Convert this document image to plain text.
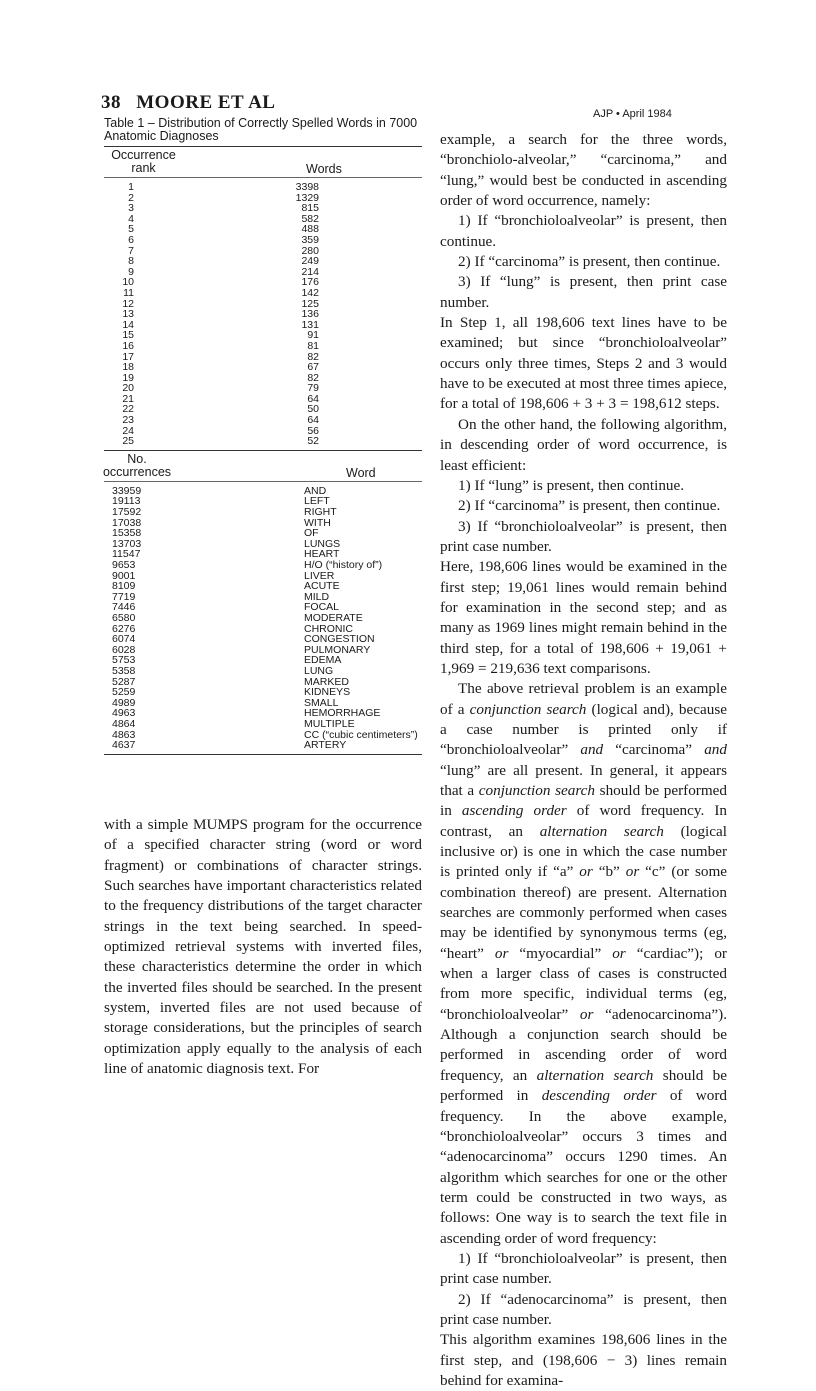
38 MOORE ET AL
AJP • April 1984
Table 1 – Distribution of Correctly Spelled Words in 7000 Anatomic Diagnoses
Occurrence rank	Words
1	3398
2	1329
3	815
4	582
5	488
6	359
7	280
8	249
9	214
10	176
11	142
12	125
13	136
14	131
15	91
16	81
17	82
18	67
19	82
20	79
21	64
22	50
23	64
24	56
25	52
No. occurrences	Word
33959	AND
19113	LEFT
17592	RIGHT
17038	WITH
15358	OF
13703	LUNGS
11547	HEART
9653	H/O (“history of”)
9001	LIVER
8109	ACUTE
7719	MILD
7446	FOCAL
6580	MODERATE
6276	CHRONIC
6074	CONGESTION
6028	PULMONARY
5753	EDEMA
5358	LUNG
5287	MARKED
5259	KIDNEYS
4989	SMALL
4963	HEMORRHAGE
4864	MULTIPLE
4863	CC (“cubic centimeters”)
4637	ARTERY

with a simple MUMPS program for the occurrence of a specified character string (word or word fragment) or combinations of character strings. Such searches have important characteristics related to the frequency distributions of the target character strings in the text being searched. In speed-optimized retrieval systems with inverted files, these characteristics determine the order in which the inverted files should be searched. In the present system, inverted files are not used because of storage considerations, but the principles of search optimization apply equally to the analysis of each line of anatomic diagnosis text. For

example, a search for the three words, “bronchiolo-alveolar,” “carcinoma,” and “lung,” would best be conducted in ascending order of word occurrence, namely:

1) If “bronchioloalveolar” is present, then continue.

2) If “carcinoma” is present, then continue.

3) If “lung” is present, then print case number.

In Step 1, all 198,606 text lines have to be examined; but since “bronchioloalveolar” occurs only three times, Steps 2 and 3 would have to be executed at most three times apiece, for a total of 198,606 + 3 + 3 = 198,612 steps.

On the other hand, the following algorithm, in descending order of word occurrence, is least efficient:

1) If “lung” is present, then continue.

2) If “carcinoma” is present, then continue.

3) If “bronchioloalveolar” is present, then print case number.

Here, 198,606 lines would be examined in the first step; 19,061 lines would remain behind for examination in the second step; and as many as 1969 lines might remain behind in the third step, for a total of 198,606 + 19,061 + 1,969 = 219,636 text comparisons.

The above retrieval problem is an example of a conjunction search (logical and), because a case number is printed only if “bronchioloalveolar” and “carcinoma” and “lung” are all present. In general, it appears that a conjunction search should be performed in ascending order of word frequency. In contrast, an alternation search (logical inclusive or) is one in which the case number is printed only if “a” or “b” or “c” (or some combination thereof) are present. Alternation searches are commonly performed when cases may be identified by synonymous terms (eg, “heart” or “myocardial” or “cardiac”); or when a larger class of cases is constructed from more specific, individual terms (eg, “bronchioloalveolar” or “adenocarcinoma”). Although a conjunction search should be performed in ascending order of word frequency, an alternation search should be performed in descending order of word frequency. In the above example, “bronchioloalveolar” occurs 3 times and “adenocarcinoma” occurs 1290 times. An algorithm which searches for one or the other term could be constructed in two ways, as follows: One way is to search the text file in ascending order of word frequency:

1) If “bronchioloalveolar” is present, then print case number.

2) If “adenocarcinoma” is present, then print case number.

This algorithm examines 198,606 lines in the first step, and (198,606 − 3) lines remain behind for examina-
